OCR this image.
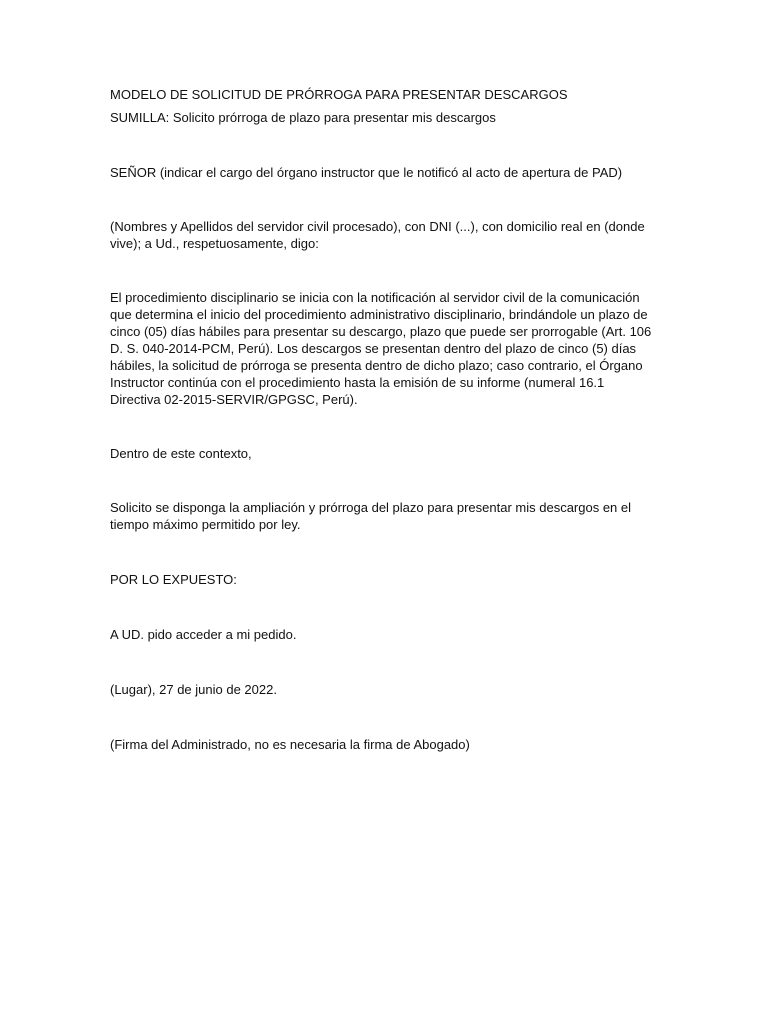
MODELO DE SOLICITUD DE PRÓRROGA PARA PRESENTAR DESCARGOS

SUMILLA: Solicito prórroga de plazo para presentar mis descargos

SEÑOR (indicar el cargo del órgano instructor que le notificó al acto de apertura de PAD)

(Nombres y Apellidos del servidor civil procesado), con DNI (...), con domicilio real en (donde vive); a Ud., respetuosamente, digo:

El procedimiento disciplinario se inicia con la notificación al servidor civil de la comunicación que determina el inicio del procedimiento administrativo disciplinario, brindándole un plazo de cinco (05) días hábiles para presentar su descargo, plazo que puede ser prorrogable (Art. 106 D. S. 040-2014-PCM, Perú). Los descargos se presentan dentro del plazo de cinco (5) días hábiles, la solicitud de prórroga se presenta dentro de dicho plazo; caso contrario, el Órgano Instructor continúa con el procedimiento hasta la emisión de su informe (numeral 16.1 Directiva 02-2015-SERVIR/GPGSC, Perú).

Dentro de este contexto,

Solicito se disponga la ampliación y prórroga del plazo para presentar mis descargos en el tiempo máximo permitido por ley.

POR LO EXPUESTO:

A UD. pido acceder a mi pedido.

(Lugar), 27 de junio de 2022.

(Firma del Administrado, no es necesaria la firma de Abogado)
